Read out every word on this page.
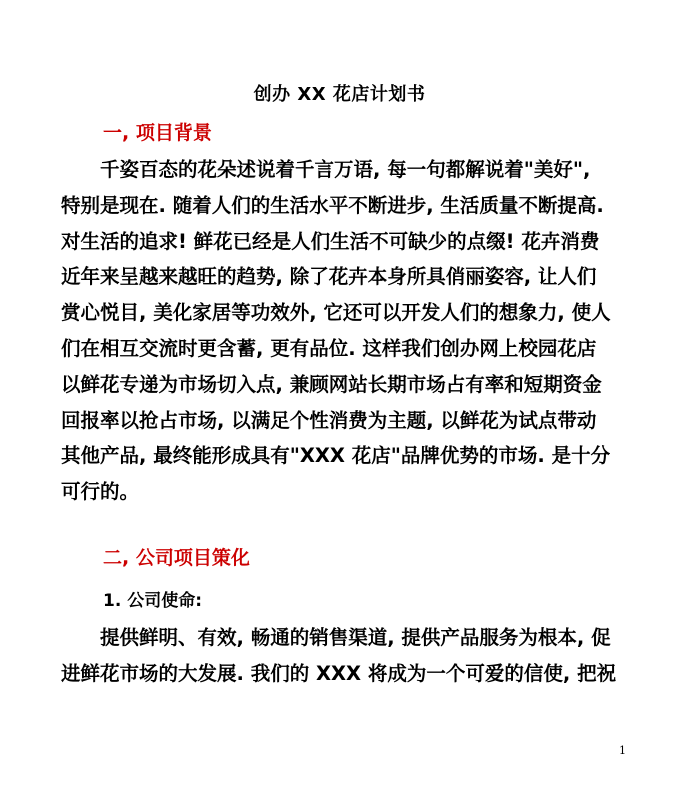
创办 XX 花店计划书
一, 项目背景
　　千姿百态的花朵述说着千言万语, 每一句都解说着"美好",
特别是现在. 随着人们的生活水平不断进步, 生活质量不断提高.
对生活的追求! 鲜花已经是人们生活不可缺少的点缀! 花卉消费
近年来呈越来越旺的趋势, 除了花卉本身所具俏丽姿容, 让人们
赏心悦目, 美化家居等功效外, 它还可以开发人们的想象力, 使人
们在相互交流时更含蓄, 更有品位. 这样我们创办网上校园花店
以鲜花专递为市场切入点, 兼顾网站长期市场占有率和短期资金
回报率以抢占市场, 以满足个性消费为主题, 以鲜花为试点带动
其他产品, 最终能形成具有"XXX 花店"品牌优势的市场. 是十分
可行的。
二, 公司项目策化
1. 公司使命:
　　提供鲜明、有效, 畅通的销售渠道, 提供产品服务为根本, 促
进鲜花市场的大发展. 我们的 XXX 将成为一个可爱的信使, 把祝
1
